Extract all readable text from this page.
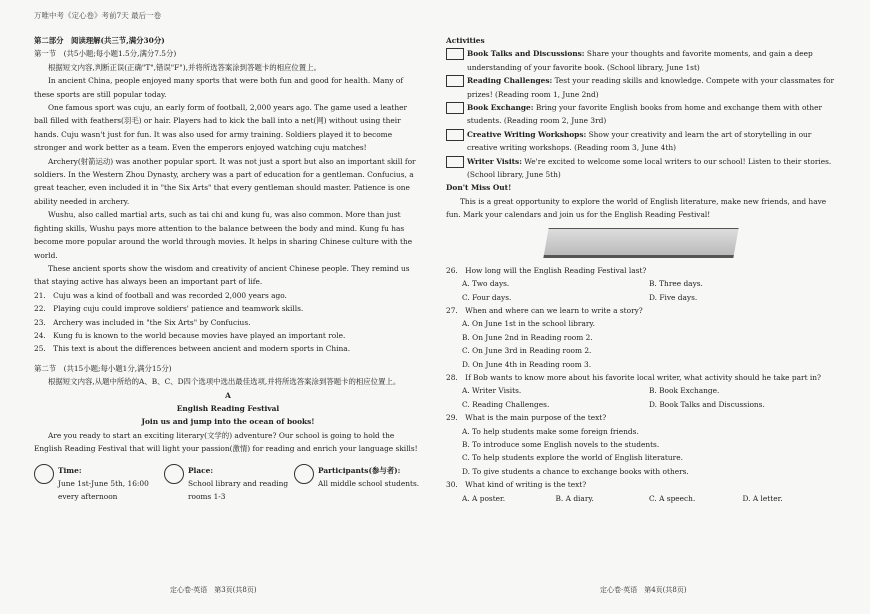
万唯中考《定心卷》考前7天 最后一卷

第二部分　阅读理解(共三节,满分30分)

第一节　(共5小题;每小题1.5分,满分7.5分)

根据短文内容,判断正误(正确"T",错误"F"),并将所选答案涂到答题卡的相应位置上。

In ancient China, people enjoyed many sports that were both fun and good for health. Many of these sports are still popular today.

One famous sport was cuju, an early form of football, 2,000 years ago. The game used a leather ball filled with feathers(羽毛) or hair. Players had to kick the ball into a net(网) without using their hands. Cuju wasn't just for fun. It was also used for army training. Soldiers played it to become stronger and work better as a team. Even the emperors enjoyed watching cuju matches!

Archery(射箭运动) was another popular sport. It was not just a sport but also an important skill for soldiers. In the Western Zhou Dynasty, archery was a part of education for a gentleman. Confucius, a great teacher, even included it in "the Six Arts" that every gentleman should master. Patience is one ability needed in archery.

Wushu, also called martial arts, such as tai chi and kung fu, was also common. More than just fighting skills, Wushu pays more attention to the balance between the body and mind. Kung fu has become more popular around the world through movies. It helps in sharing Chinese culture with the world.

These ancient sports show the wisdom and creativity of ancient Chinese people. They remind us that staying active has always been an important part of life.

21.　Cuju was a kind of football and was recorded 2,000 years ago.

22.　Playing cuju could improve soldiers' patience and teamwork skills.

23.　Archery was included in "the Six Arts" by Confucius.

24.　Kung fu is known to the world because movies have played an important role.

25.　This text is about the differences between ancient and modern sports in China.

第二节　(共15小题;每小题1分,满分15分)

根据短文内容,从题中所给的A、B、C、D四个选项中选出最佳选项,并将所选答案涂到答题卡的相应位置上。

A

English Reading Festival

Join us and jump into the ocean of books!

Are you ready to start an exciting literary(文学的) adventure? Our school is going to hold the English Reading Festival that will light your passion(激情) for reading and enrich your language skills!

Time:

June 1st-June 5th, 16:00 every afternoon

Place:

School library and reading rooms 1-3

Participants(参与者):

All middle school students.

Activities

Book Talks and Discussions: Share your thoughts and favorite moments, and gain a deep understanding of your favorite book. (School library, June 1st)

Reading Challenges: Test your reading skills and knowledge. Compete with your classmates for prizes! (Reading room 1, June 2nd)

Book Exchange: Bring your favorite English books from home and exchange them with other students. (Reading room 2, June 3rd)

Creative Writing Workshops: Show your creativity and learn the art of storytelling in our creative writing workshops. (Reading room 3, June 4th)

Writer Visits: We're excited to welcome some local writers to our school! Listen to their stories. (School library, June 5th)

Don't Miss Out!

This is a great opportunity to explore the world of English literature, make new friends, and have fun. Mark your calendars and join us for the English Reading Festival!

26.　How long will the English Reading Festival last?

A. Two days.	B. Three days.
C. Four days.	D. Five days.

27.　When and where can we learn to write a story?

A. On June 1st in the school library.

B. On June 2nd in Reading room 2.

C. On June 3rd in Reading room 2.

D. On June 4th in Reading room 3.

28.　If Bob wants to know more about his favorite local writer, what activity should he take part in?

A. Writer Visits.	B. Book Exchange.
C. Reading Challenges.	D. Book Talks and Discussions.

29.　What is the main purpose of the text?

A. To help students make some foreign friends.

B. To introduce some English novels to the students.

C. To help students explore the world of English literature.

D. To give students a chance to exchange books with others.

30.　What kind of writing is the text?

A. A poster.	B. A diary.	C. A speech.	D. A letter.
定心卷·英语　第3页(共8页)	定心卷·英语　第4页(共8页)
